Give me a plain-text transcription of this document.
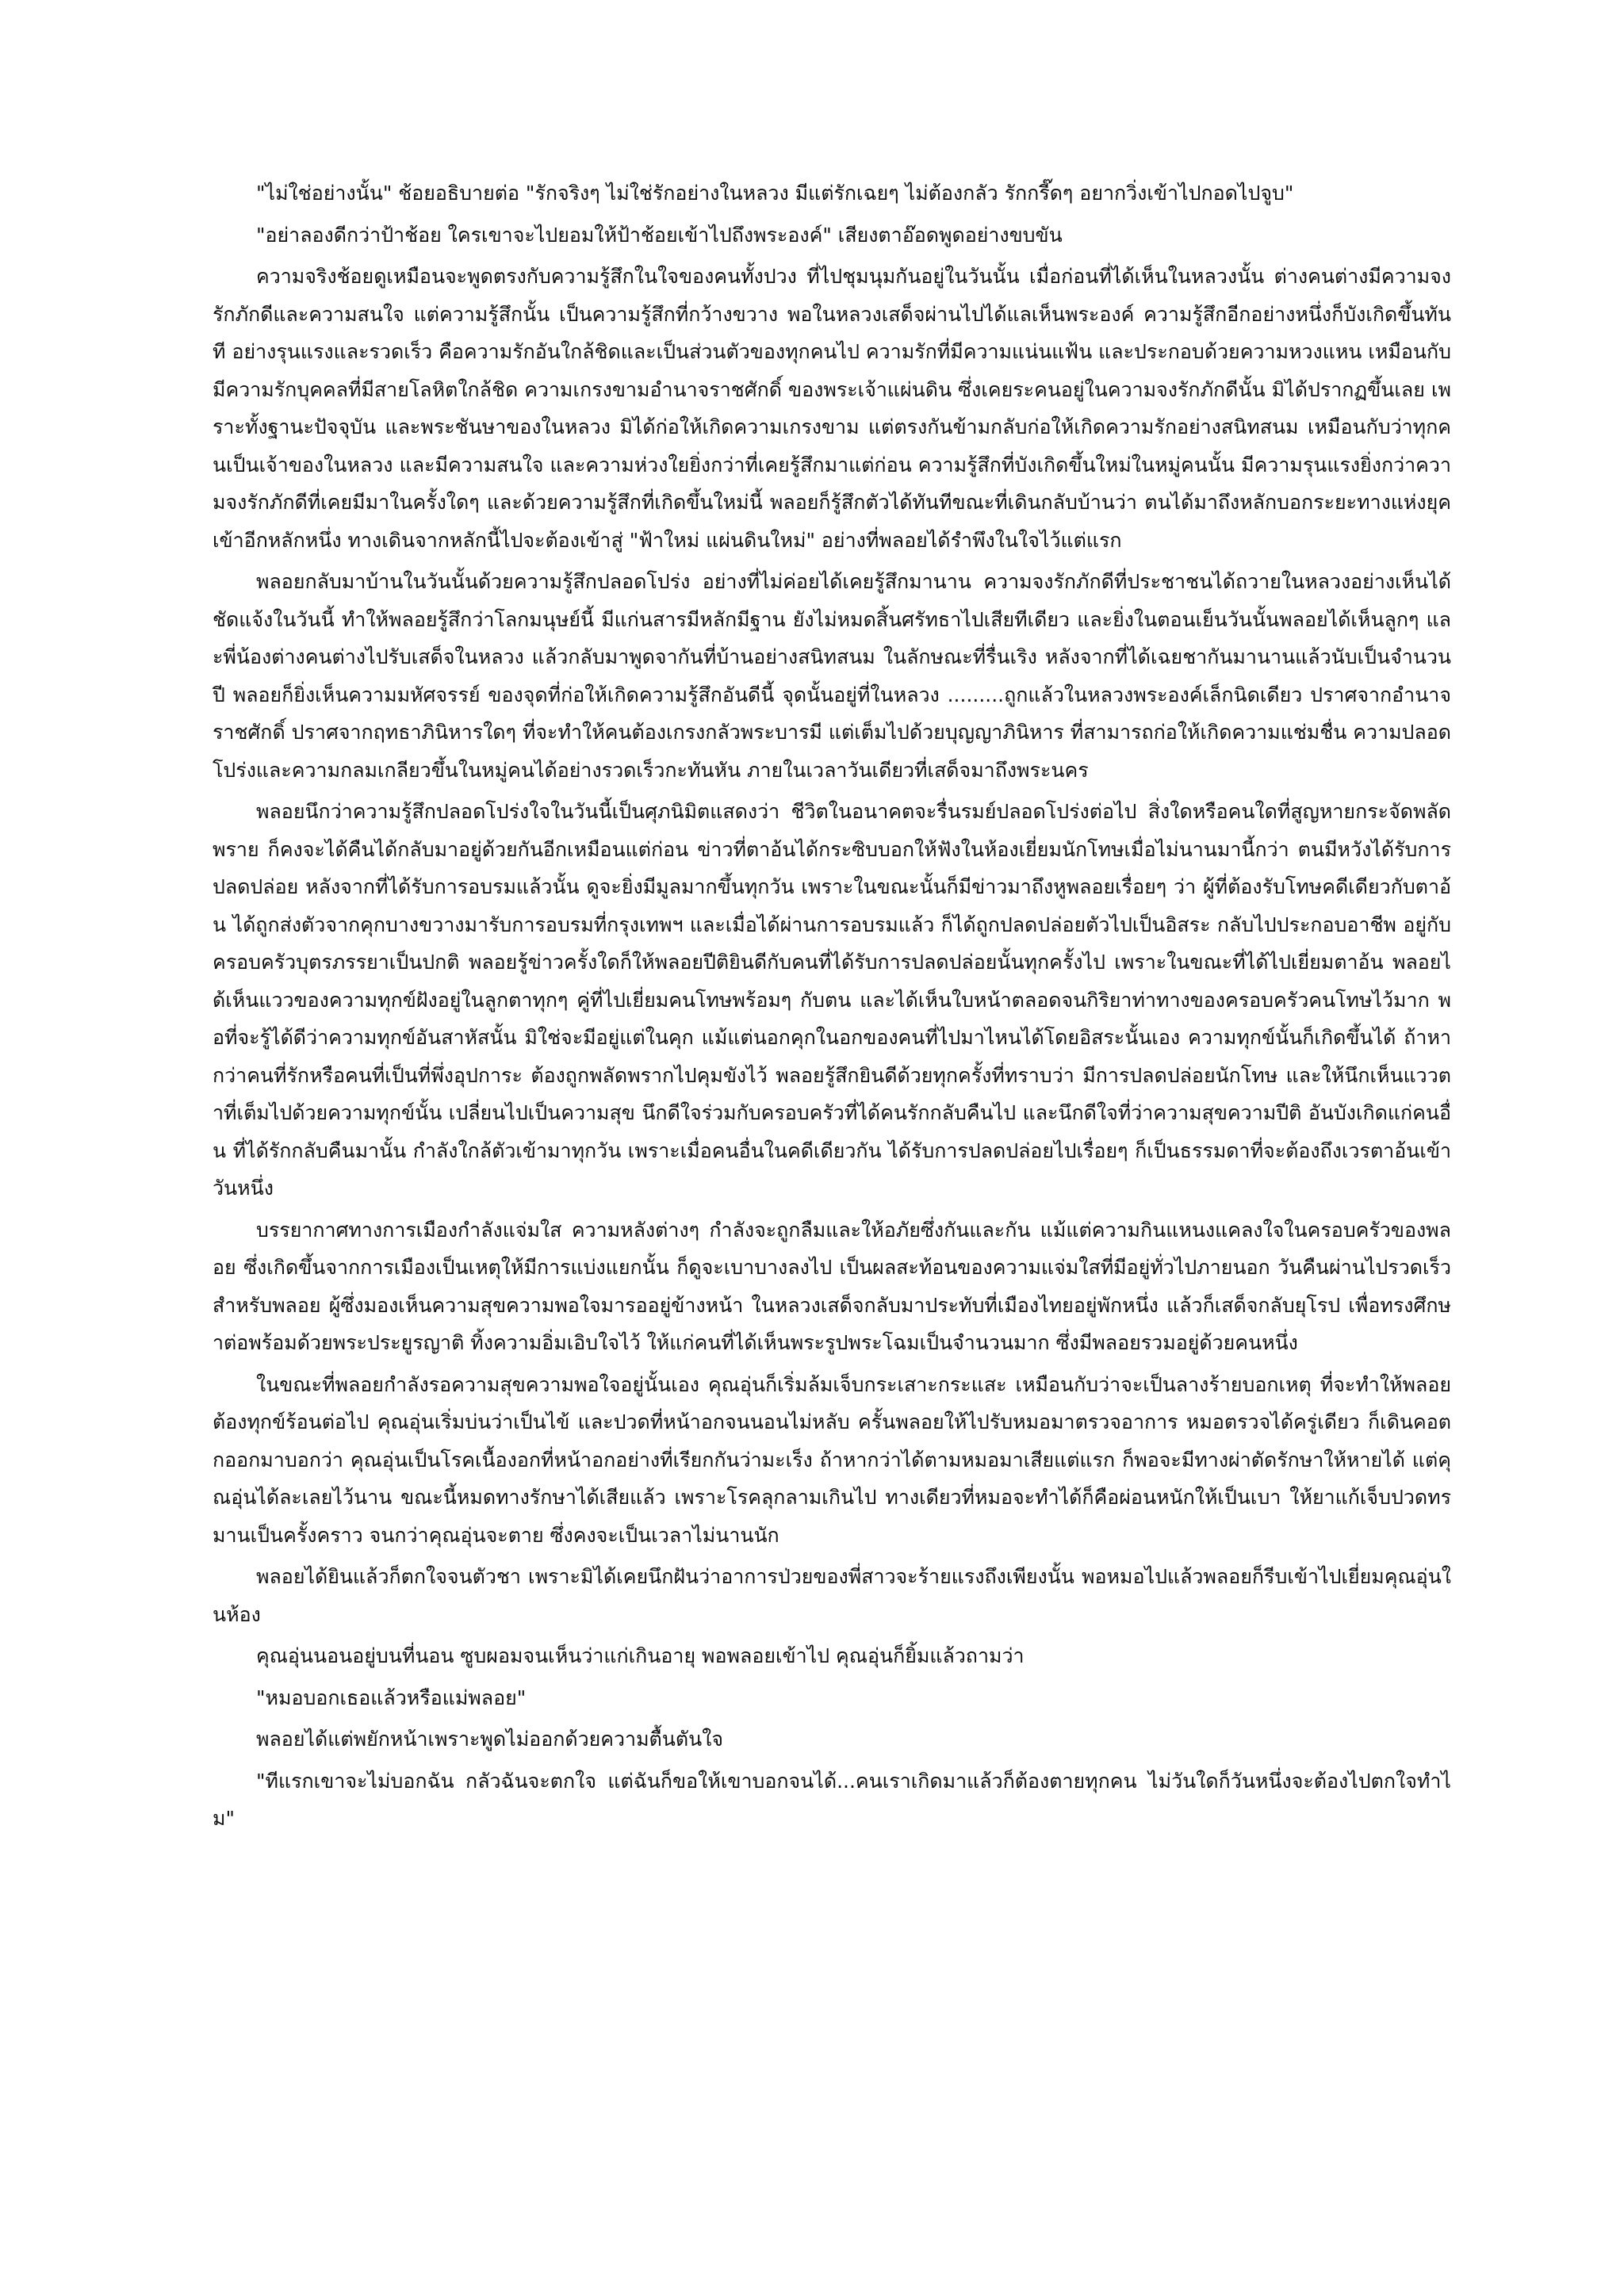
"ไม่ใช่อย่างนั้น" ช้อยอธิบายต่อ "รักจริงๆ ไม่ใช่รักอย่างในหลวง มีแต่รักเฉยๆ ไม่ต้องกลัว รักกรี๊ดๆ อยากวิ่งเข้าไปกอดไปจูบ"

"อย่าลองดีกว่าป้าช้อย ใครเขาจะไปยอมให้ป้าช้อยเข้าไปถึงพระองค์" เสียงตาอ๊อดพูดอย่างขบขัน

ความจริงช้อยดูเหมือนจะพูดตรงกับความรู้สึกในใจของคนทั้งปวง ที่ไปชุมนุมกันอยู่ในวันนั้น เมื่อก่อนที่ได้เห็นในหลวงนั้น ต่างคนต่างมีความจงรักภักดีและความสนใจ แต่ความรู้สึกนั้น เป็นความรู้สึกที่กว้างขวาง พอในหลวงเสด็จผ่านไปได้แลเห็นพระองค์ ความรู้สึกอีกอย่างหนึ่งก็บังเกิดขึ้นทันที อย่างรุนแรงและรวดเร็ว คือความรักอันใกล้ชิดและเป็นส่วนตัวของทุกคนไป ความรักที่มีความแน่นแฟ้น และประกอบด้วยความหวงแหน เหมือนกับมีความรักบุคคลที่มีสายโลหิตใกล้ชิด ความเกรงขามอำนาจราชศักดิ์ ของพระเจ้าแผ่นดิน ซึ่งเคยระคนอยู่ในความจงรักภักดีนั้น มิได้ปรากฏขึ้นเลย เพราะทั้งฐานะปัจจุบัน และพระชันษาของในหลวง มิได้ก่อให้เกิดความเกรงขาม แต่ตรงกันข้ามกลับก่อให้เกิดความรักอย่างสนิทสนม เหมือนกับว่าทุกคนเป็นเจ้าของในหลวง และมีความสนใจ และความห่วงใยยิ่งกว่าที่เคยรู้สึกมาแต่ก่อน ความรู้สึกที่บังเกิดขึ้นใหม่ในหมู่คนนั้น มีความรุนแรงยิ่งกว่าความจงรักภักดีที่เคยมีมาในครั้งใดๆ และด้วยความรู้สึกที่เกิดขึ้นใหม่นี้ พลอยก็รู้สึกตัวได้ทันทีขณะที่เดินกลับบ้านว่า ตนได้มาถึงหลักบอกระยะทางแห่งยุคเข้าอีกหลักหนึ่ง ทางเดินจากหลักนี้ไปจะต้องเข้าสู่ "ฟ้าใหม่ แผ่นดินใหม่" อย่างที่พลอยได้รำพึงในใจไว้แต่แรก

พลอยกลับมาบ้านในวันนั้นด้วยความรู้สึกปลอดโปร่ง อย่างที่ไม่ค่อยได้เคยรู้สึกมานาน ความจงรักภักดีที่ประชาชนได้ถวายในหลวงอย่างเห็นได้ชัดแจ้งในวันนี้ ทำให้พลอยรู้สึกว่าโลกมนุษย์นี้ มีแก่นสารมีหลักมีฐาน ยังไม่หมดสิ้นศรัทธาไปเสียทีเดียว และยิ่งในตอนเย็นวันนั้นพลอยได้เห็นลูกๆ และพี่น้องต่างคนต่างไปรับเสด็จในหลวง แล้วกลับมาพูดจากันที่บ้านอย่างสนิทสนม ในลักษณะที่รื่นเริง หลังจากที่ได้เฉยชากันมานานแล้วนับเป็นจำนวนปี พลอยก็ยิ่งเห็นความมหัศจรรย์ ของจุดที่ก่อให้เกิดความรู้สึกอันดีนี้ จุดนั้นอยู่ที่ในหลวง .........ถูกแล้วในหลวงพระองค์เล็กนิดเดียว ปราศจากอำนาจราชศักดิ์ ปราศจากฤทธาภินิหารใดๆ ที่จะทำให้คนต้องเกรงกลัวพระบารมี แต่เต็มไปด้วยบุญญาภินิหาร ที่สามารถก่อให้เกิดความแช่มชื่น ความปลอดโปร่งและความกลมเกลียวขึ้นในหมู่คนได้อย่างรวดเร็วกะทันหัน ภายในเวลาวันเดียวที่เสด็จมาถึงพระนคร

พลอยนึกว่าความรู้สึกปลอดโปร่งใจในวันนี้เป็นศุภนิมิตแสดงว่า ชีวิตในอนาคตจะรื่นรมย์ปลอดโปร่งต่อไป สิ่งใดหรือคนใดที่สูญหายกระจัดพลัดพราย ก็คงจะได้คืนได้กลับมาอยู่ด้วยกันอีกเหมือนแต่ก่อน ข่าวที่ตาอ้นได้กระซิบบอกให้ฟังในห้องเยี่ยมนักโทษเมื่อไม่นานมานี้กว่า ตนมีหวังได้รับการปลดปล่อย หลังจากที่ได้รับการอบรมแล้วนั้น ดูจะยิ่งมีมูลมากขึ้นทุกวัน เพราะในขณะนั้นก็มีข่าวมาถึงหูพลอยเรื่อยๆ ว่า ผู้ที่ต้องรับโทษคดีเดียวกับตาอ้น ได้ถูกส่งตัวจากคุกบางขวางมารับการอบรมที่กรุงเทพฯ และเมื่อได้ผ่านการอบรมแล้ว ก็ได้ถูกปลดปล่อยตัวไปเป็นอิสระ กลับไปประกอบอาชีพ อยู่กับครอบครัวบุตรภรรยาเป็นปกติ พลอยรู้ข่าวครั้งใดก็ให้พลอยปีติยินดีกับคนที่ได้รับการปลดปล่อยนั้นทุกครั้งไป เพราะในขณะที่ได้ไปเยี่ยมตาอ้น พลอยได้เห็นแววของความทุกข์ฝังอยู่ในลูกตาทุกๆ คู่ที่ไปเยี่ยมคนโทษพร้อมๆ กับตน และได้เห็นใบหน้าตลอดจนกิริยาท่าทางของครอบครัวคนโทษไว้มาก พอที่จะรู้ได้ดีว่าความทุกข์อันสาหัสนั้น มิใช่จะมีอยู่แต่ในคุก แม้แต่นอกคุกในอกของคนที่ไปมาไหนได้โดยอิสระนั้นเอง ความทุกข์นั้นก็เกิดขึ้นได้ ถ้าหากว่าคนที่รักหรือคนที่เป็นที่พึ่งอุปการะ ต้องถูกพลัดพรากไปคุมขังไว้ พลอยรู้สึกยินดีด้วยทุกครั้งที่ทราบว่า มีการปลดปล่อยนักโทษ และให้นึกเห็นแววตาที่เต็มไปด้วยความทุกข์นั้น เปลี่ยนไปเป็นความสุข นึกดีใจร่วมกับครอบครัวที่ได้คนรักกลับคืนไป และนึกดีใจที่ว่าความสุขความปีติ อันบังเกิดแก่คนอื่น ที่ได้รักกลับคืนมานั้น กำลังใกล้ตัวเข้ามาทุกวัน เพราะเมื่อคนอื่นในคดีเดียวกัน ได้รับการปลดปล่อยไปเรื่อยๆ ก็เป็นธรรมดาที่จะต้องถึงเวรตาอ้นเข้าวันหนึ่ง

บรรยากาศทางการเมืองกำลังแจ่มใส ความหลังต่างๆ กำลังจะถูกลืมและให้อภัยซึ่งกันและกัน แม้แต่ความกินแหนงแคลงใจในครอบครัวของพลอย ซึ่งเกิดขึ้นจากการเมืองเป็นเหตุให้มีการแบ่งแยกนั้น ก็ดูจะเบาบางลงไป เป็นผลสะท้อนของความแจ่มใสที่มีอยู่ทั่วไปภายนอก วันคืนผ่านไปรวดเร็วสำหรับพลอย ผู้ซึ่งมองเห็นความสุขความพอใจมารออยู่ข้างหน้า ในหลวงเสด็จกลับมาประทับที่เมืองไทยอยู่พักหนึ่ง แล้วก็เสด็จกลับยุโรป เพื่อทรงศึกษาต่อพร้อมด้วยพระประยูรญาติ ทิ้งความอิ่มเอิบใจไว้ ให้แก่คนที่ได้เห็นพระรูปพระโฉมเป็นจำนวนมาก ซึ่งมีพลอยรวมอยู่ด้วยคนหนึ่ง

ในขณะที่พลอยกำลังรอความสุขความพอใจอยู่นั้นเอง คุณอุ่นก็เริ่มล้มเจ็บกระเสาะกระแสะ เหมือนกับว่าจะเป็นลางร้ายบอกเหตุ ที่จะทำให้พลอยต้องทุกข์ร้อนต่อไป คุณอุ่นเริ่มบ่นว่าเป็นไข้ และปวดที่หน้าอกจนนอนไม่หลับ ครั้นพลอยให้ไปรับหมอมาตรวจอาการ หมอตรวจได้ครู่เดียว ก็เดินคอตกออกมาบอกว่า คุณอุ่นเป็นโรคเนื้องอกที่หน้าอกอย่างที่เรียกกันว่ามะเร็ง ถ้าหากว่าได้ตามหมอมาเสียแต่แรก ก็พอจะมีทางผ่าตัดรักษาให้หายได้ แต่คุณอุ่นได้ละเลยไว้นาน ขณะนี้หมดทางรักษาได้เสียแล้ว เพราะโรคลุกลามเกินไป ทางเดียวที่หมอจะทำได้ก็คือผ่อนหนักให้เป็นเบา ให้ยาแก้เจ็บปวดทรมานเป็นครั้งคราว จนกว่าคุณอุ่นจะตาย ซึ่งคงจะเป็นเวลาไม่นานนัก

พลอยได้ยินแล้วก็ตกใจจนตัวชา เพราะมิได้เคยนึกฝันว่าอาการป่วยของพี่สาวจะร้ายแรงถึงเพียงนั้น พอหมอไปแล้วพลอยก็รีบเข้าไปเยี่ยมคุณอุ่นในห้อง

คุณอุ่นนอนอยู่บนที่นอน ซูบผอมจนเห็นว่าแก่เกินอายุ พอพลอยเข้าไป คุณอุ่นก็ยิ้มแล้วถามว่า

"หมอบอกเธอแล้วหรือแม่พลอย"

พลอยได้แต่พยักหน้าเพราะพูดไม่ออกด้วยความตื้นตันใจ

"ทีแรกเขาจะไม่บอกฉัน กลัวฉันจะตกใจ แต่ฉันก็ขอให้เขาบอกจนได้...คนเราเกิดมาแล้วก็ต้องตายทุกคน ไม่วันใดก็วันหนึ่งจะต้องไปตกใจทำไม"
